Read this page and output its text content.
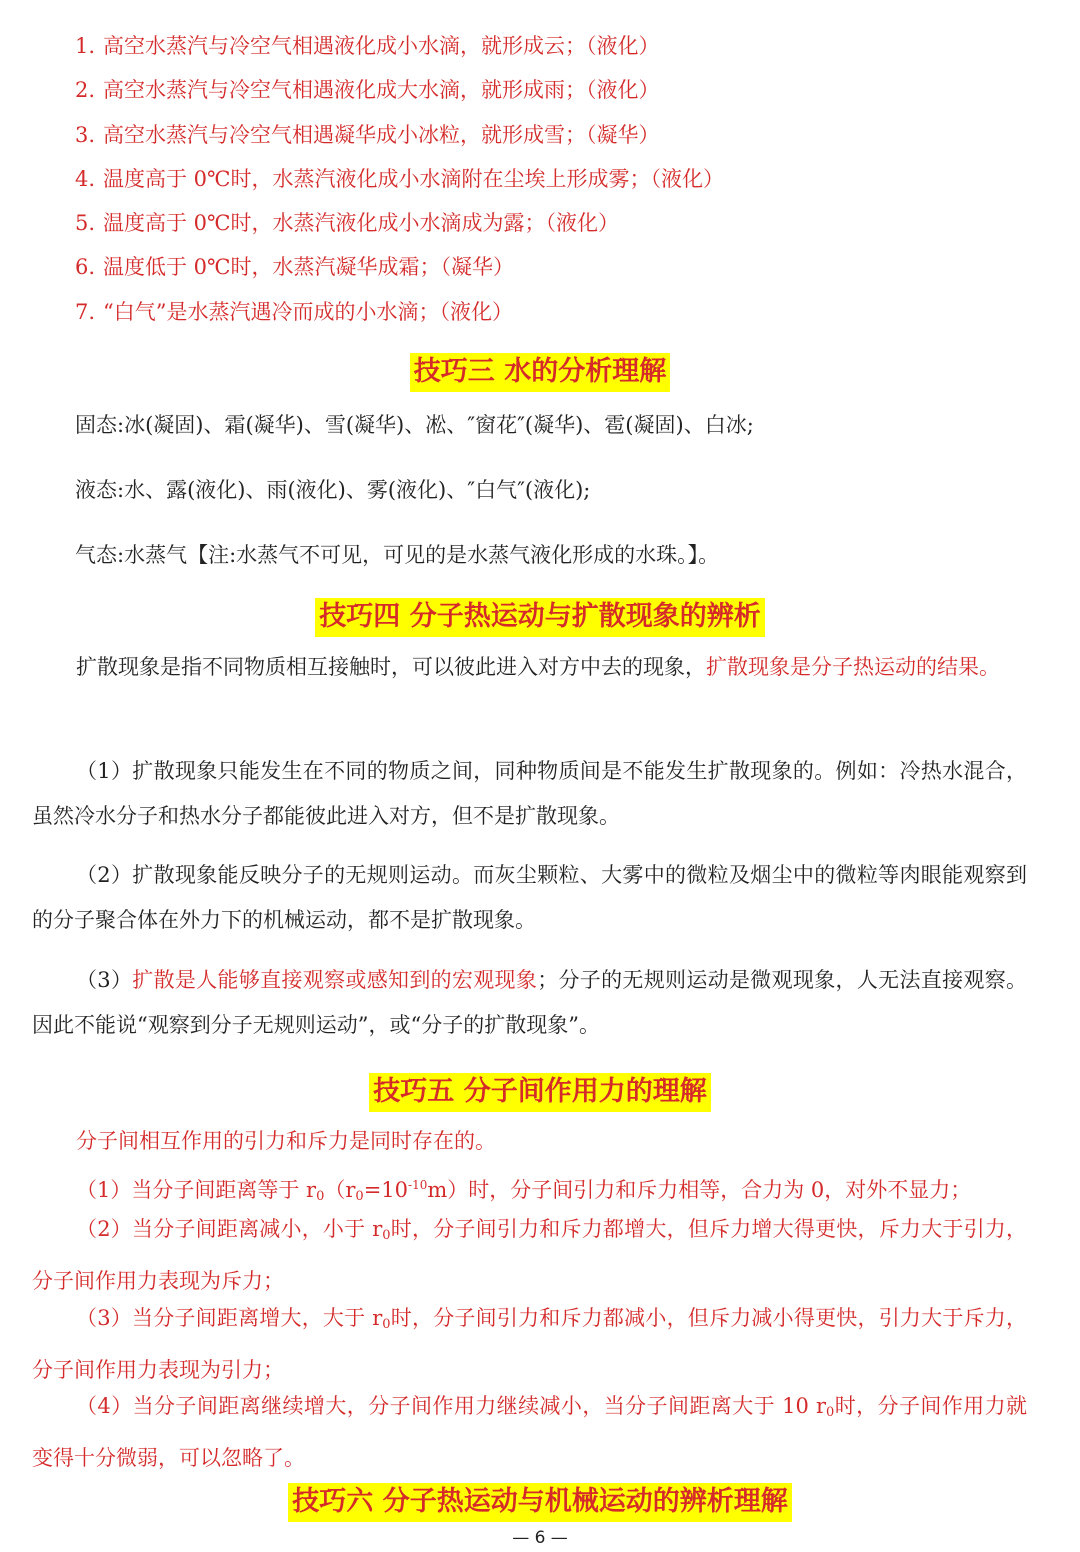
1. 高空水蒸汽与冷空气相遇液化成小水滴，就形成云；（液化）
2. 高空水蒸汽与冷空气相遇液化成大水滴，就形成雨；（液化）
3. 高空水蒸汽与冷空气相遇凝华成小冰粒，就形成雪；（凝华）
4. 温度高于 0℃时，水蒸汽液化成小水滴附在尘埃上形成雾；（液化）
5. 温度高于 0℃时，水蒸汽液化成小水滴成为露；（液化）
6. 温度低于 0℃时，水蒸汽凝华成霜；（凝华）
7. “白气”是水蒸汽遇冷而成的小水滴；（液化）
技巧三 水的分析理解
固态:冰(凝固)、霜(凝华)、雪(凝华)、凇、″窗花″(凝华)、雹(凝固)、白冰;
液态:水、露(液化)、雨(液化)、雾(液化)、″白气″(液化);
气态:水蒸气【注:水蒸气不可见，可见的是水蒸气液化形成的水珠。】。
技巧四 分子热运动与扩散现象的辨析
扩散现象是指不同物质相互接触时，可以彼此进入对方中去的现象，扩散现象是分子热运动的结果。
（1）扩散现象只能发生在不同的物质之间，同种物质间是不能发生扩散现象的。例如：冷热水混合，虽然冷水分子和热水分子都能彼此进入对方，但不是扩散现象。
（2）扩散现象能反映分子的无规则运动。而灰尘颗粒、大雾中的微粒及烟尘中的微粒等肉眼能观察到的分子聚合体在外力下的机械运动，都不是扩散现象。
（3）扩散是人能够直接观察或感知到的宏观现象；分子的无规则运动是微观现象，人无法直接观察。因此不能说“观察到分子无规则运动”，或“分子的扩散现象”。
技巧五 分子间作用力的理解
分子间相互作用的引力和斥力是同时存在的。
（1）当分子间距离等于 $r_0(r_0=10^{-10}m)$时，分子间引力和斥力相等，合力为 0，对外不显力；
（2）当分子间距离减小，小于 $r_0$时，分子间引力和斥力都增大，但斥力增大得更快，斥力大于引力，分子间作用力表现为斥力；
（3）当分子间距离增大，大于 $r_0$时，分子间引力和斥力都减小，但斥力减小得更快，引力大于斥力，分子间作用力表现为引力；
（4）当分子间距离继续增大，分子间作用力继续减小，当分子间距离大于 10 $r_0$时，分子间作用力就变得十分微弱，可以忽略了。
技巧六 分子热运动与机械运动的辨析理解
— 6 —
